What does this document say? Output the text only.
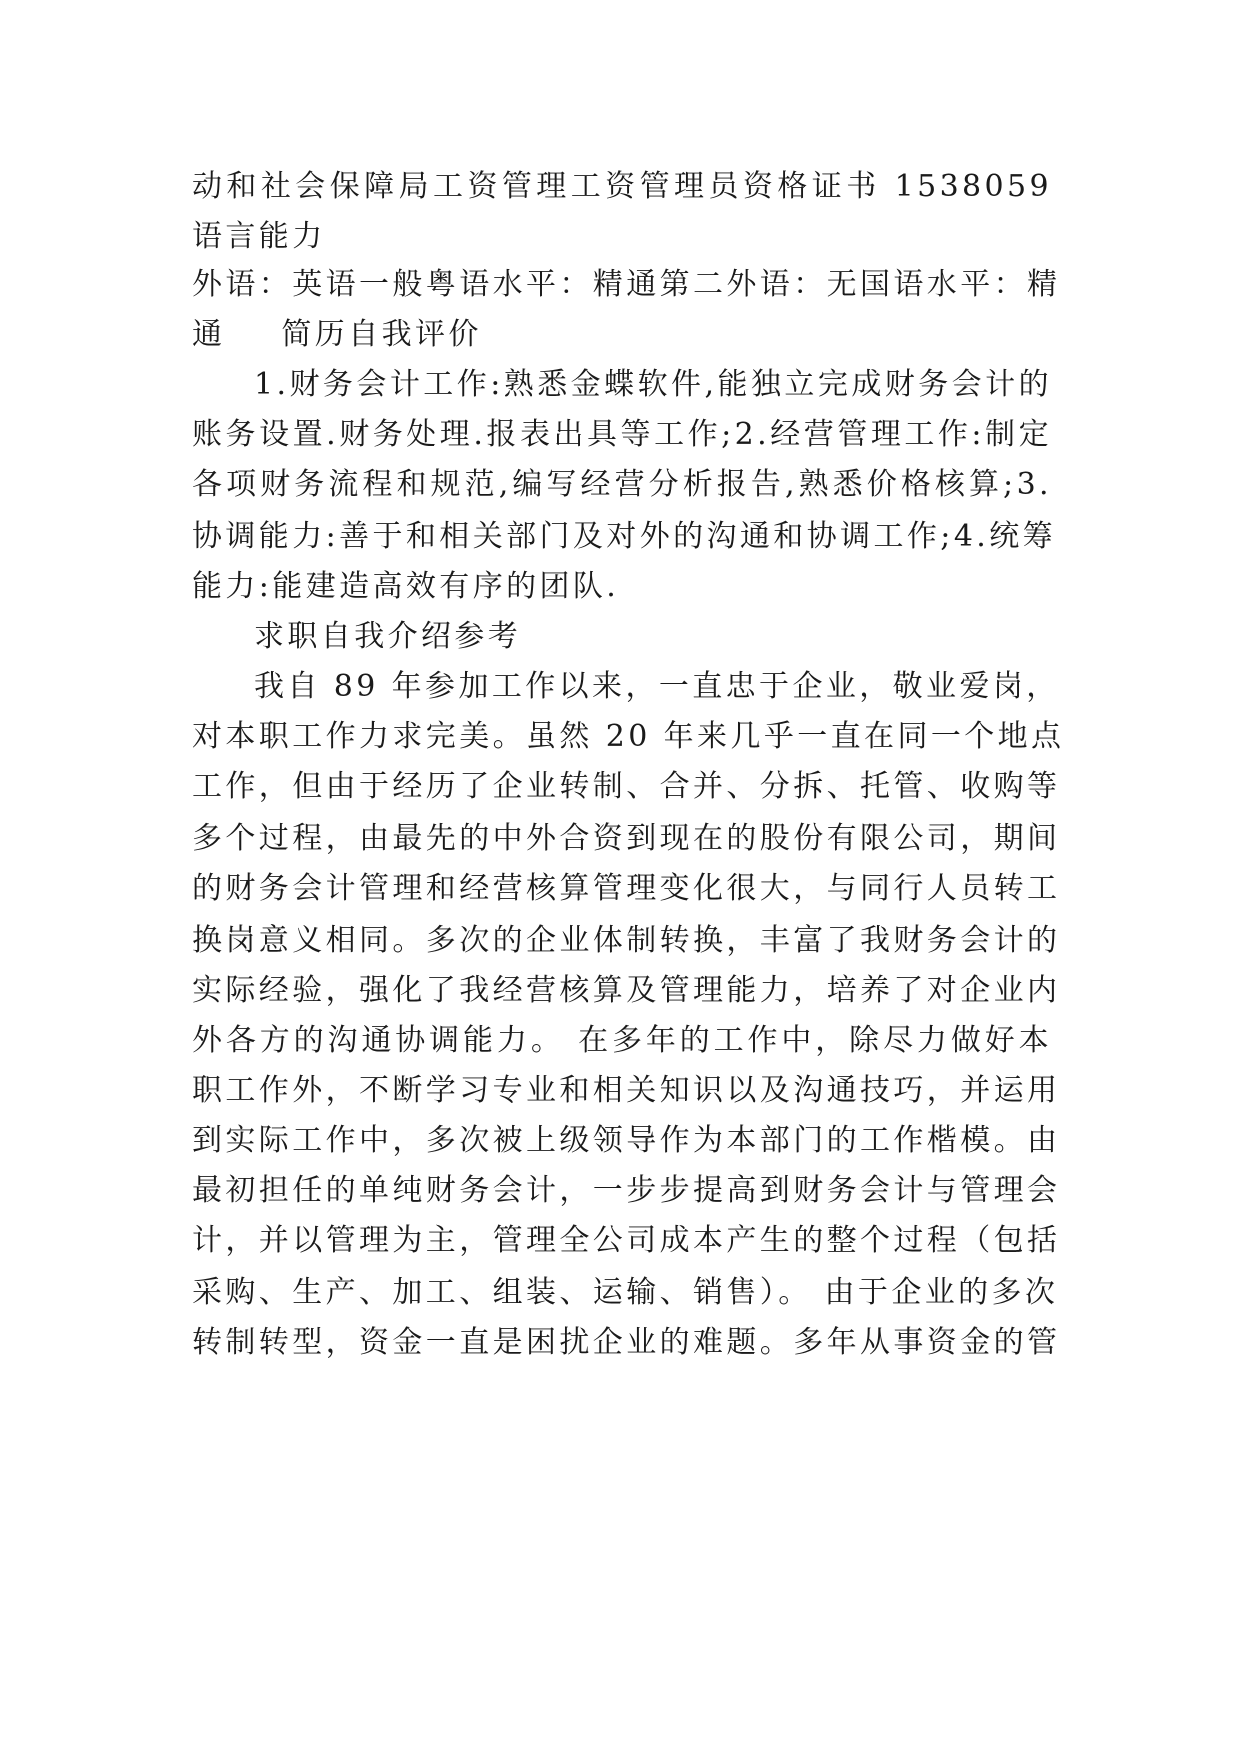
动和社会保障局工资管理工资管理员资格证书 1538059

语言能力

外语：英语一般粤语水平：精通第二外语：无国语水平：精

通 简历自我评价

1.财务会计工作:熟悉金蝶软件,能独立完成财务会计的

账务设置.财务处理.报表出具等工作;2.经营管理工作:制定

各项财务流程和规范,编写经营分析报告,熟悉价格核算;3.

协调能力:善于和相关部门及对外的沟通和协调工作;4.统筹

能力:能建造高效有序的团队.

求职自我介绍参考

我自 89 年参加工作以来，一直忠于企业，敬业爱岗，

对本职工作力求完美。虽然 20 年来几乎一直在同一个地点

工作，但由于经历了企业转制、合并、分拆、托管、收购等

多个过程，由最先的中外合资到现在的股份有限公司，期间

的财务会计管理和经营核算管理变化很大，与同行人员转工

换岗意义相同。多次的企业体制转换，丰富了我财务会计的

实际经验，强化了我经营核算及管理能力，培养了对企业内

外各方的沟通协调能力。 在多年的工作中，除尽力做好本

职工作外，不断学习专业和相关知识以及沟通技巧，并运用

到实际工作中，多次被上级领导作为本部门的工作楷模。由

最初担任的单纯财务会计，一步步提高到财务会计与管理会

计，并以管理为主，管理全公司成本产生的整个过程（包括

采购、生产、加工、组装、运输、销售）。 由于企业的多次

转制转型，资金一直是困扰企业的难题。多年从事资金的管
